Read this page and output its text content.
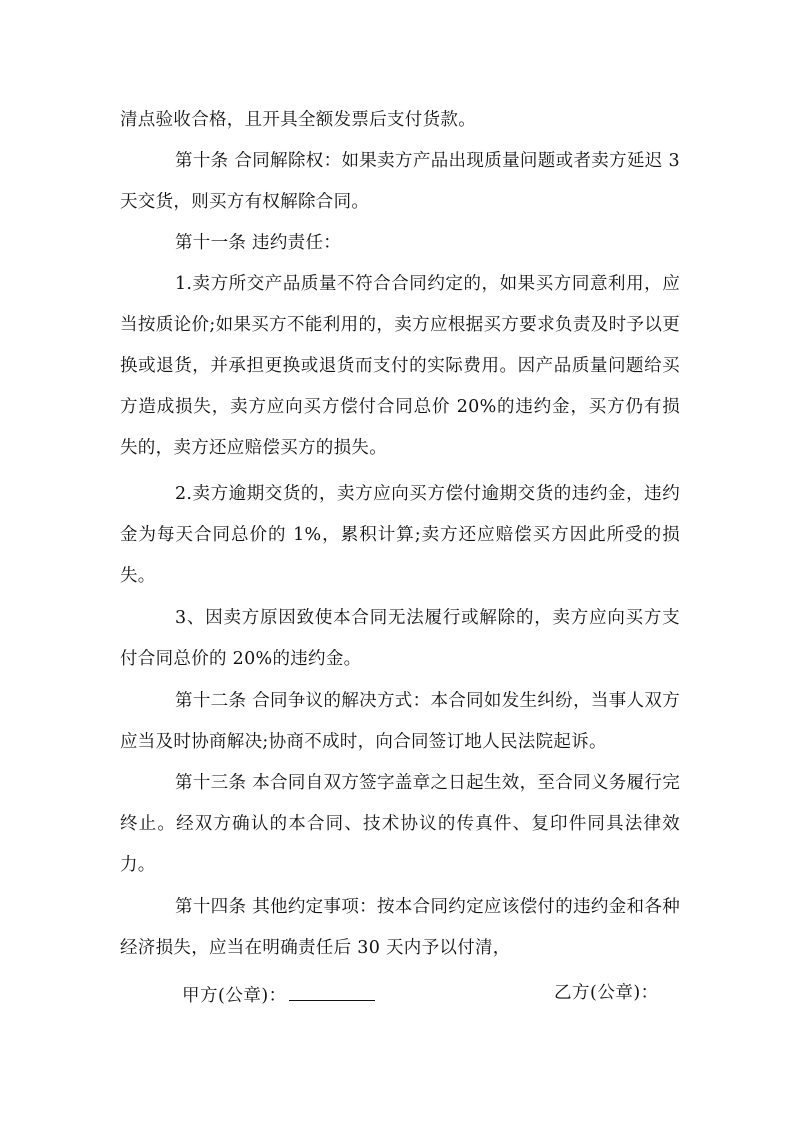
清点验收合格，且开具全额发票后支付货款。

第十条 合同解除权：如果卖方产品出现质量问题或者卖方延迟 3 天交货，则买方有权解除合同。

第十一条 违约责任：

1.卖方所交产品质量不符合合同约定的，如果买方同意利用，应当按质论价;如果买方不能利用的，卖方应根据买方要求负责及时予以更换或退货，并承担更换或退货而支付的实际费用。因产品质量问题给买方造成损失，卖方应向买方偿付合同总价 20%的违约金，买方仍有损失的，卖方还应赔偿买方的损失。

2.卖方逾期交货的，卖方应向买方偿付逾期交货的违约金，违约金为每天合同总价的 1%，累积计算;卖方还应赔偿买方因此所受的损失。

3、因卖方原因致使本合同无法履行或解除的，卖方应向买方支付合同总价的 20%的违约金。

第十二条 合同争议的解决方式：本合同如发生纠纷，当事人双方应当及时协商解决;协商不成时，向合同签订地人民法院起诉。

第十三条 本合同自双方签字盖章之日起生效，至合同义务履行完终止。经双方确认的本合同、技术协议的传真件、复印件同具法律效力。

第十四条 其他约定事项：按本合同约定应该偿付的违约金和各种经济损失，应当在明确责任后 30 天内予以付清，

甲方(公章)：	乙方(公章)：
